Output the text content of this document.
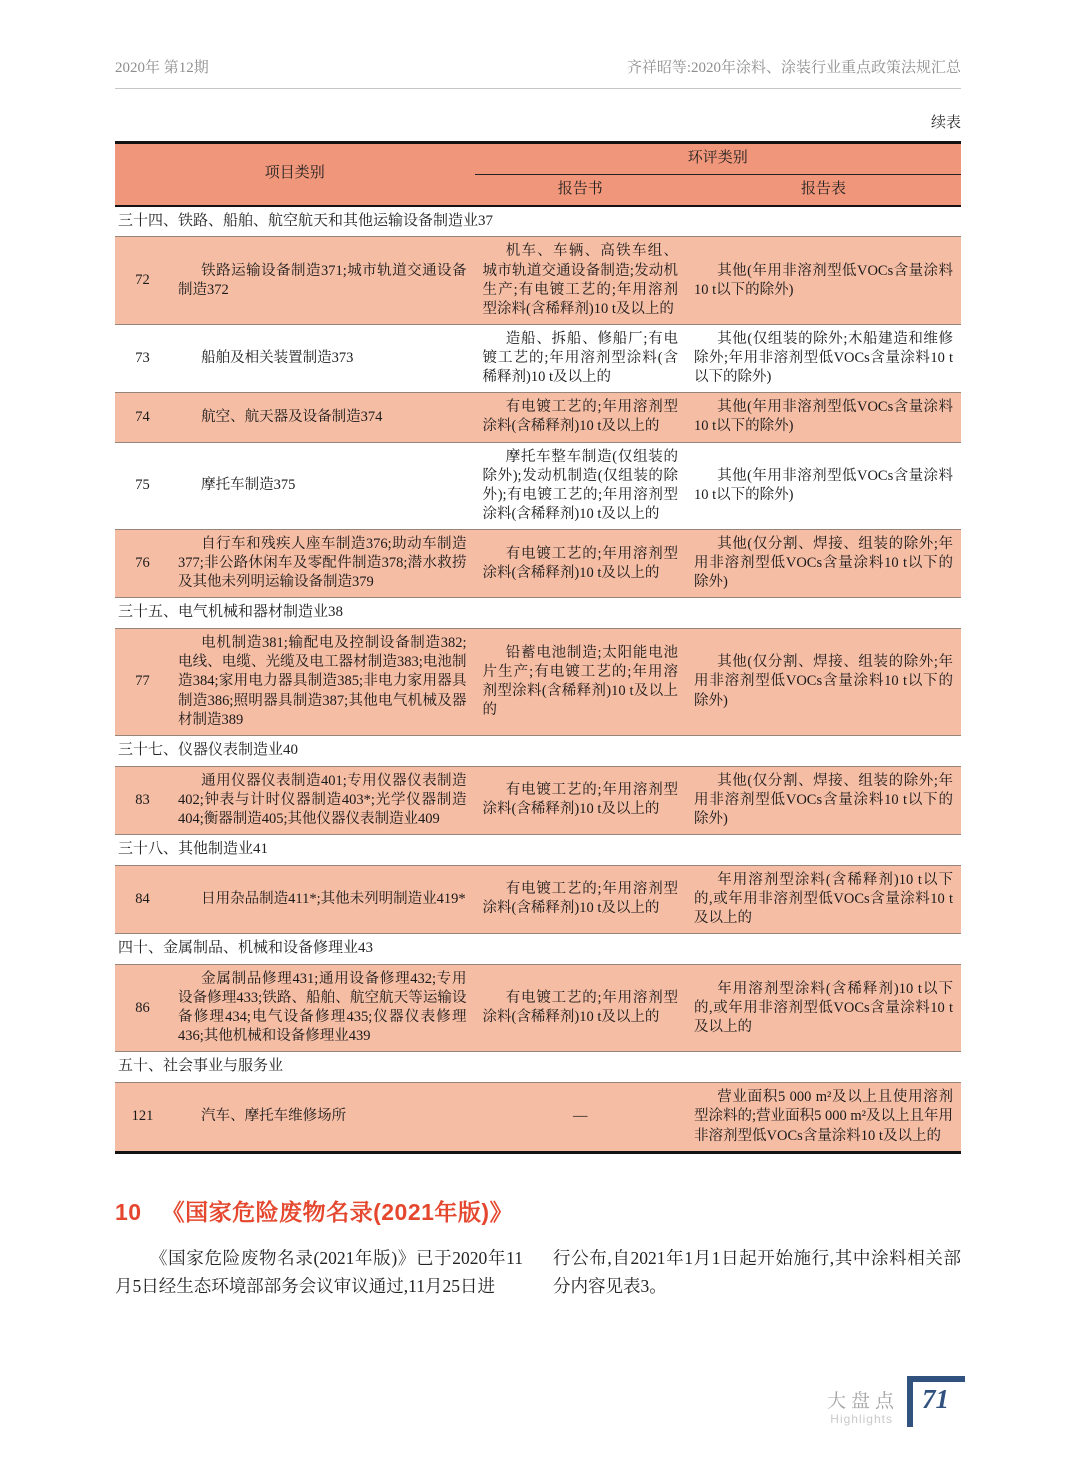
2020年 第12期	齐祥昭等:2020年涂料、涂装行业重点政策法规汇总
续表
项目类别		环评类别	
		报告书	报告表
三十四、铁路、船舶、航空航天和其他运输设备制造业37			
72	铁路运输设备制造371;城市轨道交通设备制造372	机车、车辆、高铁车组、城市轨道交通设备制造;发动机生产;有电镀工艺的;年用溶剂型涂料(含稀释剂)10 t及以上的	其他(年用非溶剂型低VOCs含量涂料10 t以下的除外)
73	船舶及相关装置制造373	造船、拆船、修船厂;有电镀工艺的;年用溶剂型涂料(含稀释剂)10 t及以上的	其他(仅组装的除外;木船建造和维修除外;年用非溶剂型低VOCs含量涂料10 t以下的除外)
74	航空、航天器及设备制造374	有电镀工艺的;年用溶剂型涂料(含稀释剂)10 t及以上的	其他(年用非溶剂型低VOCs含量涂料10 t以下的除外)
75	摩托车制造375	摩托车整车制造(仅组装的除外);发动机制造(仅组装的除外);有电镀工艺的;年用溶剂型涂料(含稀释剂)10 t及以上的	其他(年用非溶剂型低VOCs含量涂料10 t以下的除外)
76	自行车和残疾人座车制造376;助动车制造377;非公路休闲车及零配件制造378;潜水救捞及其他未列明运输设备制造379	有电镀工艺的;年用溶剂型涂料(含稀释剂)10 t及以上的	其他(仅分割、焊接、组装的除外;年用非溶剂型低VOCs含量涂料10 t以下的除外)
三十五、电气机械和器材制造业38			
77	电机制造381;输配电及控制设备制造382;电线、电缆、光缆及电工器材制造383;电池制造384;家用电力器具制造385;非电力家用器具制造386;照明器具制造387;其他电气机械及器材制造389	铅蓄电池制造;太阳能电池片生产;有电镀工艺的;年用溶剂型涂料(含稀释剂)10 t及以上的	其他(仅分割、焊接、组装的除外;年用非溶剂型低VOCs含量涂料10 t以下的除外)
三十七、仪器仪表制造业40			
83	通用仪器仪表制造401;专用仪器仪表制造402;钟表与计时仪器制造403*;光学仪器制造404;衡器制造405;其他仪器仪表制造业409	有电镀工艺的;年用溶剂型涂料(含稀释剂)10 t及以上的	其他(仅分割、焊接、组装的除外;年用非溶剂型低VOCs含量涂料10 t以下的除外)
三十八、其他制造业41			
84	日用杂品制造411*;其他未列明制造业419*	有电镀工艺的;年用溶剂型涂料(含稀释剂)10 t及以上的	年用溶剂型涂料(含稀释剂)10 t以下的,或年用非溶剂型低VOCs含量涂料10 t及以上的
四十、金属制品、机械和设备修理业43			
86	金属制品修理431;通用设备修理432;专用设备修理433;铁路、船舶、航空航天等运输设备修理434;电气设备修理435;仪器仪表修理436;其他机械和设备修理业439	有电镀工艺的;年用溶剂型涂料(含稀释剂)10 t及以上的	年用溶剂型涂料(含稀释剂)10 t以下的,或年用非溶剂型低VOCs含量涂料10 t及以上的
五十、社会事业与服务业			
121	汽车、摩托车维修场所	—	营业面积5 000 m²及以上且使用溶剂型涂料的;营业面积5 000 m²及以上且年用非溶剂型低VOCs含量涂料10 t及以上的
10 《国家危险废物名录(2021年版)》

《国家危险废物名录(2021年版)》已于2020年11月5日经生态环境部部务会议审议通过,11月25日进

行公布,自2021年1月1日起开始施行,其中涂料相关部分内容见表3。

大盘点
Highlights
71
